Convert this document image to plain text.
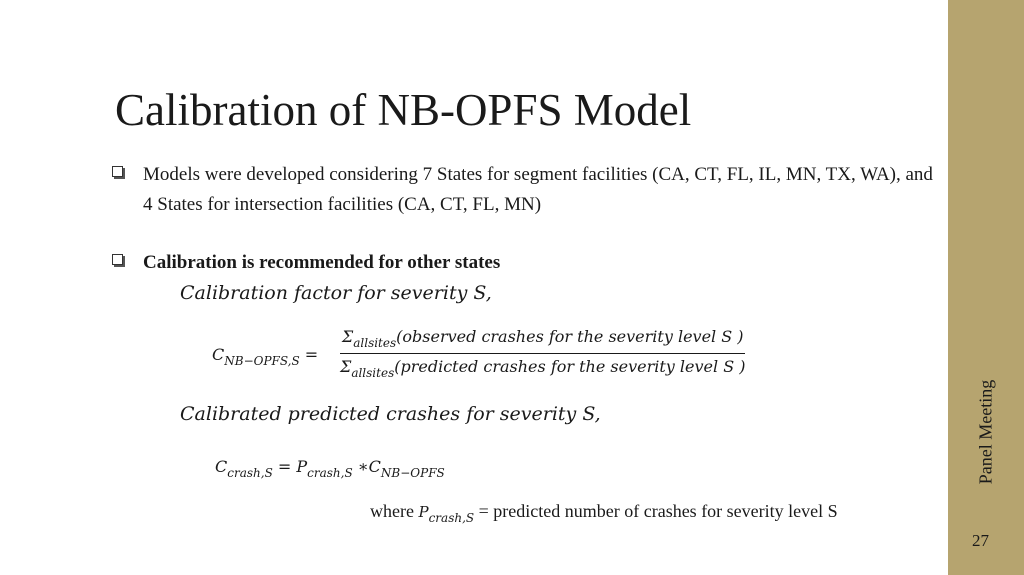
Panel Meeting
27
Calibration of NB-OPFS Model
Models were developed considering 7 States for segment facilities (CA, CT, FL, IL, MN, TX, WA), and 4 States for intersection facilities (CA, CT, FL, MN)
Calibration is recommended for other states
Calibration factor for severity S,
$C_{NB-OPFS,S}$ =
$\Sigma_{allsites}(observed$ crashes for the severity level S )
$\Sigma_{allsites}(predicted$ crashes for the severity level S )
Calibrated predicted crashes for severity S,
$C_{crash,S} = P_{crash,S}$ $∗C_{NB-OPFS}$
where $P_{crash,S}$ = predicted number of crashes for severity level S
